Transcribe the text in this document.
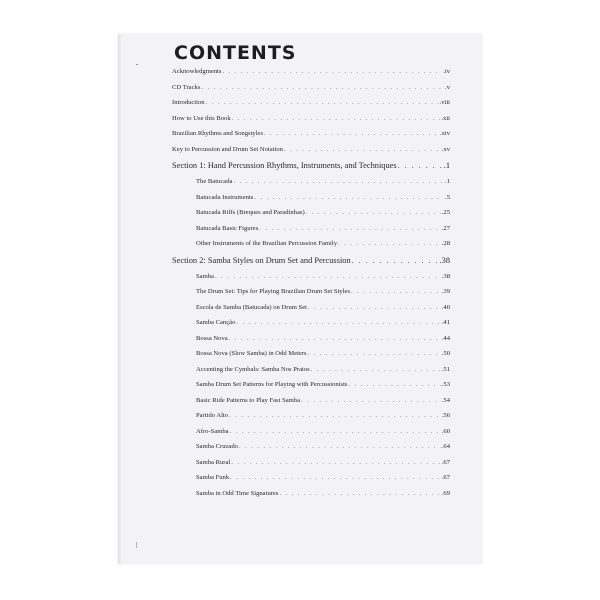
CONTENTS
Acknowledgments . . .	.iv
CD Tracks . . .	.v
Introduction . . .	.viii
How to Use this Book . . .	.xii
Brazilian Rhythms and Songstyles . . .	.xiv
Key to Percussion and Drum Set Notation . . .	.xv
Section 1: Hand Percussion Rhythms, Instruments, and Techniques . . .	.1
The Batucada . . .	.1
Batucada Instruments . . .	.5
Batucada Riffs (Breques and Paradinhas) . . .	.25
Batucada Basic Figures . . .	.27
Other Instruments of the Brazilian Percussion Family . . .	.28
Section 2: Samba Styles on Drum Set and Percussion . . .	.38
Samba . . .	.38
The Drum Set: Tips for Playing Brazilian Drum Set Styles . . .	.39
Escola de Samba (Batucada) on Drum Set . . .	.40
Samba Canção . . .	.41
Bossa Nova . . .	.44
Bossa Nova (Slow Samba) in Odd Meters . . .	.50
Accenting the Cymbals: Samba Nos Pratos . . .	.51
Samba Drum Set Patterns for Playing with Percussionists . . .	.53
Basic Ride Patterns to Play Fast Samba . . .	.54
Partido Alto . . .	.56
Afro-Samba . . .	.60
Samba Cruzado . . .	.64
Samba Rural . . .	.67
Samba Funk . . .	.67
Samba in Odd Time Signatures . . .	.69
